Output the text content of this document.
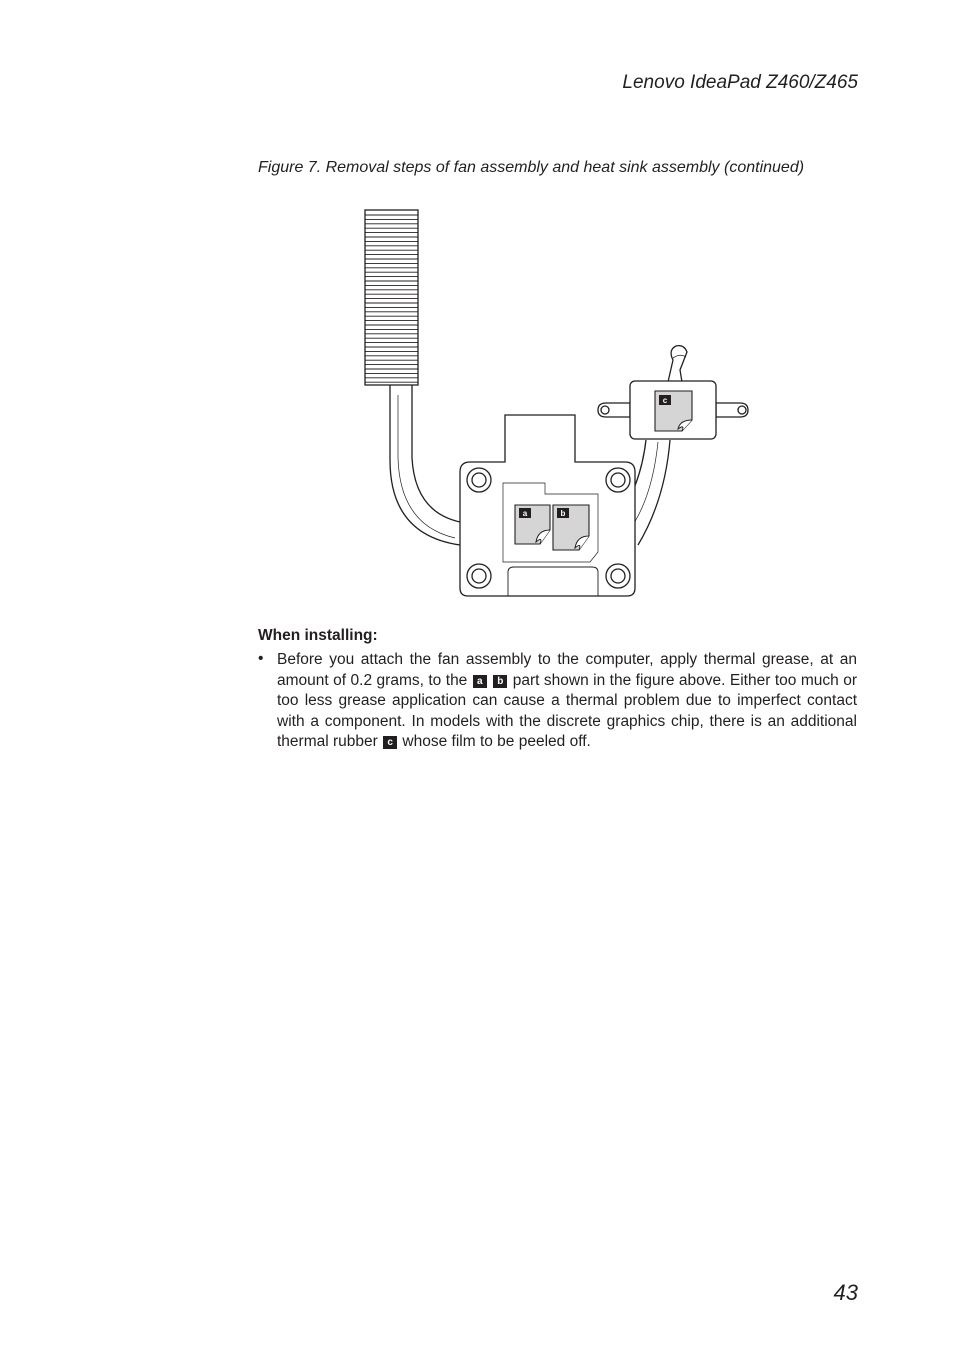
Lenovo IdeaPad Z460/Z465
Figure 7. Removal steps of fan assembly and heat sink assembly (continued)
a	b
c
When installing:
• Before you attach the fan assembly to the computer, apply thermal grease, at an amount of 0.2 grams, to the a b part shown in the figure above. Either too much or too less grease application can cause a thermal problem due to imperfect contact with a component. In models with the discrete graphics chip, there is an additional thermal rubber c whose film to be peeled off.
43
